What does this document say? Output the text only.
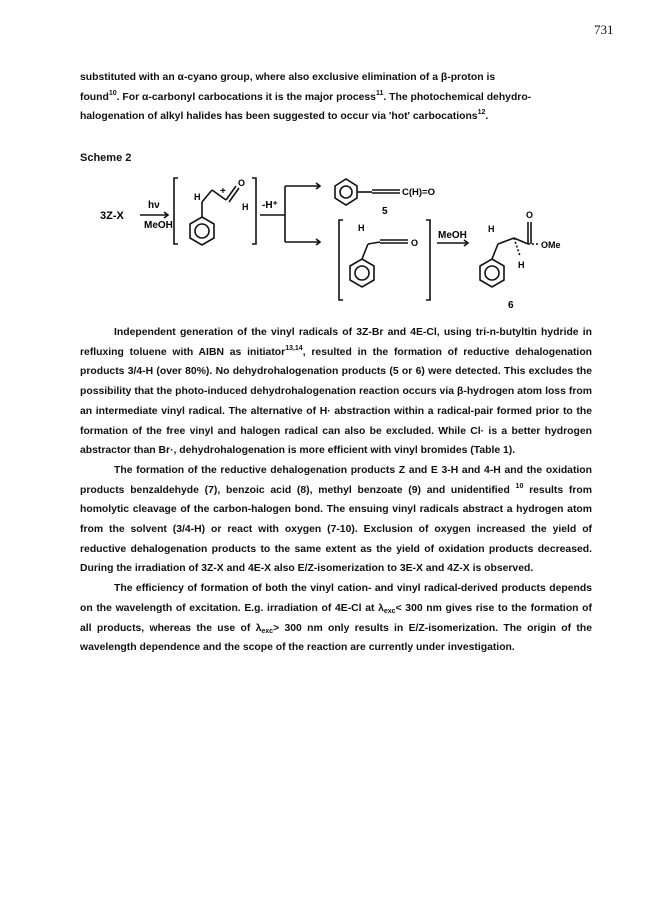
731
substituted with an α-cyano group, where also exclusive elimination of a β-proton is
found$^{10}$. For α-carbonyl carbocations it is the major process$^{11}$. The photochemical dehydro-
halogenation of alkyl halides has been suggested to occur via 'hot' carbocations$^{12}$.
Scheme 2
3Z-X
hν
MeOH
H +
O
H -H⁺
C(H)=O
5
H
O
MeOH
H
O
OMe
H
6

Independent generation of the vinyl radicals of 3Z-Br and 4E-Cl, using tri-n-butyltin hydride in refluxing toluene with AIBN as initiator$^{13,14}$, resulted in the formation of reductive dehalogenation products 3/4-H (over 80%). No dehydrohalogenation products (5 or 6) were detected. This excludes the possibility that the photo-induced dehydrohalogenation reaction occurs via β-hydrogen atom loss from an intermediate vinyl radical. The alternative of H· abstraction within a radical-pair formed prior to the formation of the free vinyl and halogen radical can also be excluded. While Cl· is a better hydrogen abstractor than Br·, dehydrohalogenation is more efficient with vinyl bromides (Table 1).

The formation of the reductive dehalogenation products Z and E 3-H and 4-H and the oxidation products benzaldehyde (7), benzoic acid (8), methyl benzoate (9) and unidentified $^{10}$ results from homolytic cleavage of the carbon-halogen bond. The ensuing vinyl radicals abstract a hydrogen atom from the solvent (3/4-H) or react with oxygen (7-10). Exclusion of oxygen increased the yield of reductive dehalogenation products to the same extent as the yield of oxidation products decreased. During the irradiation of 3Z-X and 4E-X also E/Z-isomerization to 3E-X and 4Z-X is observed.

The efficiency of formation of both the vinyl cation- and vinyl radical-derived products depends on the wavelength of excitation. E.g. irradiation of 4E-Cl at $\lambda_{exc}< 300$ nm gives rise to the formation of all products, whereas the use of $\lambda_{exc}> 300$ nm only results in E/Z-isomerization. The origin of the wavelength dependence and the scope of the reaction are currently under investigation.
